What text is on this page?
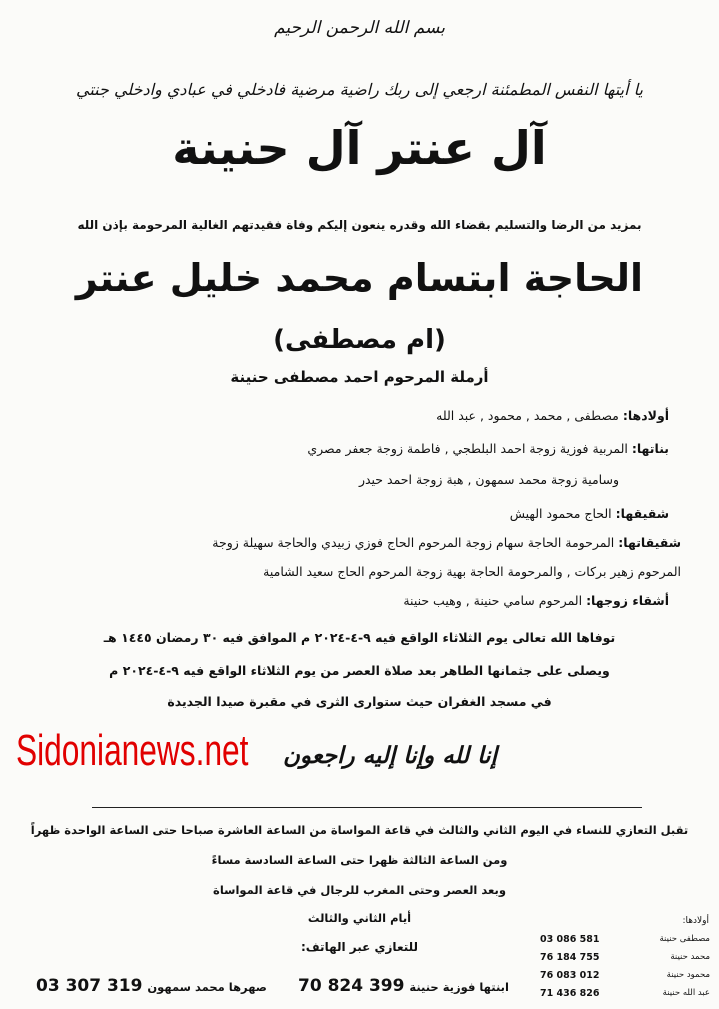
بسم الله الرحمن الرحيم
يا أيتها النفس المطمئنة ارجعي إلى ربك راضية مرضية فادخلي في عبادي وادخلي جنتي
آل عنتر آل حنينة
بمزيد من الرضا والتسليم بقضاء الله وقدره ينعون إليكم وفاة فقيدتهم الغالية المرحومة بإذن الله
الحاجة ابتسام محمد خليل عنتر
(ام مصطفى)
أرملة المرحوم احمد مصطفى حنينة
أولادها: مصطفى , محمد , محمود , عبد الله
بناتها: المربية فوزية زوجة احمد البلطجي , فاطمة زوجة جعفر مصري
وسامية زوجة محمد سمهون , هبة زوجة احمد حيدر
شقيقها: الحاج محمود الهيش
شقيقاتها: المرحومة الحاجة سهام زوجة المرحوم الحاج فوزي زبيدي والحاجة سهيلة زوجة
المرحوم زهير بركات , والمرحومة الحاجة بهية زوجة المرحوم الحاج سعيد الشامية
أشقاء زوجها: المرحوم سامي حنينة , وهيب حنينة
توفاها الله تعالى يوم الثلاثاء الواقع فيه ٩-٤-٢٠٢٤ م الموافق فيه ٣٠ رمضان ١٤٤٥ هـ
ويصلى على جثمانها الطاهر بعد صلاة العصر من يوم الثلاثاء الواقع فيه ٩-٤-٢٠٢٤ م
في مسجد الغفران حيث ستوارى الثرى في مقبرة صيدا الجديدة
Sidonianews.net	إنا لله وإنا إليه راجعون
تقبل التعازي للنساء في اليوم الثاني والثالث في قاعة المواساة من الساعة العاشرة صباحا حتى الساعة الواحدة ظهراً
ومن الساعة الثالثة ظهرا حتى الساعة السادسة مساءً
وبعد العصر وحتى المغرب للرجال في قاعة المواساة
أيام الثاني والثالث
للتعازي عبر الهاتف:
03 307 319 صهرها محمد سمهون 70 824 399 ابنتها فوزية حنينة
أولادها:
03 086 581	مصطفى حنينة
76 184 755	محمد حنينة
76 083 012	محمود حنينة
71 436 826	عبد الله حنينة
